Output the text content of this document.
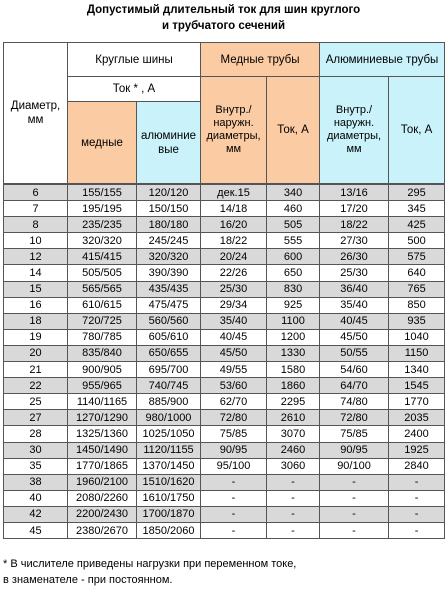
Допустимый длительный ток для шин круглого
и трубчатого сечений
Диаметр, мм	Круглые шины		Медные трубы		Алюминиевые трубы	
	Ток * , А		Внутр./ наружн. диаметры, мм	Ток, А	Внутр./ наружн. диаметры, мм	Ток, А
	медные	алюминие вые				

6	155/155	120/120	дек.15	340	13/16	295
7	195/195	150/150	14/18	460	17/20	345
8	235/235	180/180	16/20	505	18/22	425
10	320/320	245/245	18/22	555	27/30	500
12	415/415	320/320	20/24	600	26/30	575
14	505/505	390/390	22/26	650	25/30	640
15	565/565	435/435	25/30	830	36/40	765
16	610/615	475/475	29/34	925	35/40	850
18	720/725	560/560	35/40	1100	40/45	935
19	780/785	605/610	40/45	1200	45/50	1040
20	835/840	650/655	45/50	1330	50/55	1150
21	900/905	695/700	49/55	1580	54/60	1340
22	955/965	740/745	53/60	1860	64/70	1545
25	1140/1165	885/900	62/70	2295	74/80	1770
27	1270/1290	980/1000	72/80	2610	72/80	2035
28	1325/1360	1025/1050	75/85	3070	75/85	2400
30	1450/1490	1120/1155	90/95	2460	90/95	1925
35	1770/1865	1370/1450	95/100	3060	90/100	2840
38	1960/2100	1510/1620	-	-	-	-
40	2080/2260	1610/1750	-	-	-	-
42	2200/2430	1700/1870	-	-	-	-
45	2380/2670	1850/2060	-	-	-	-
* В числителе приведены нагрузки при переменном токе,
в знаменателе - при постоянном.
